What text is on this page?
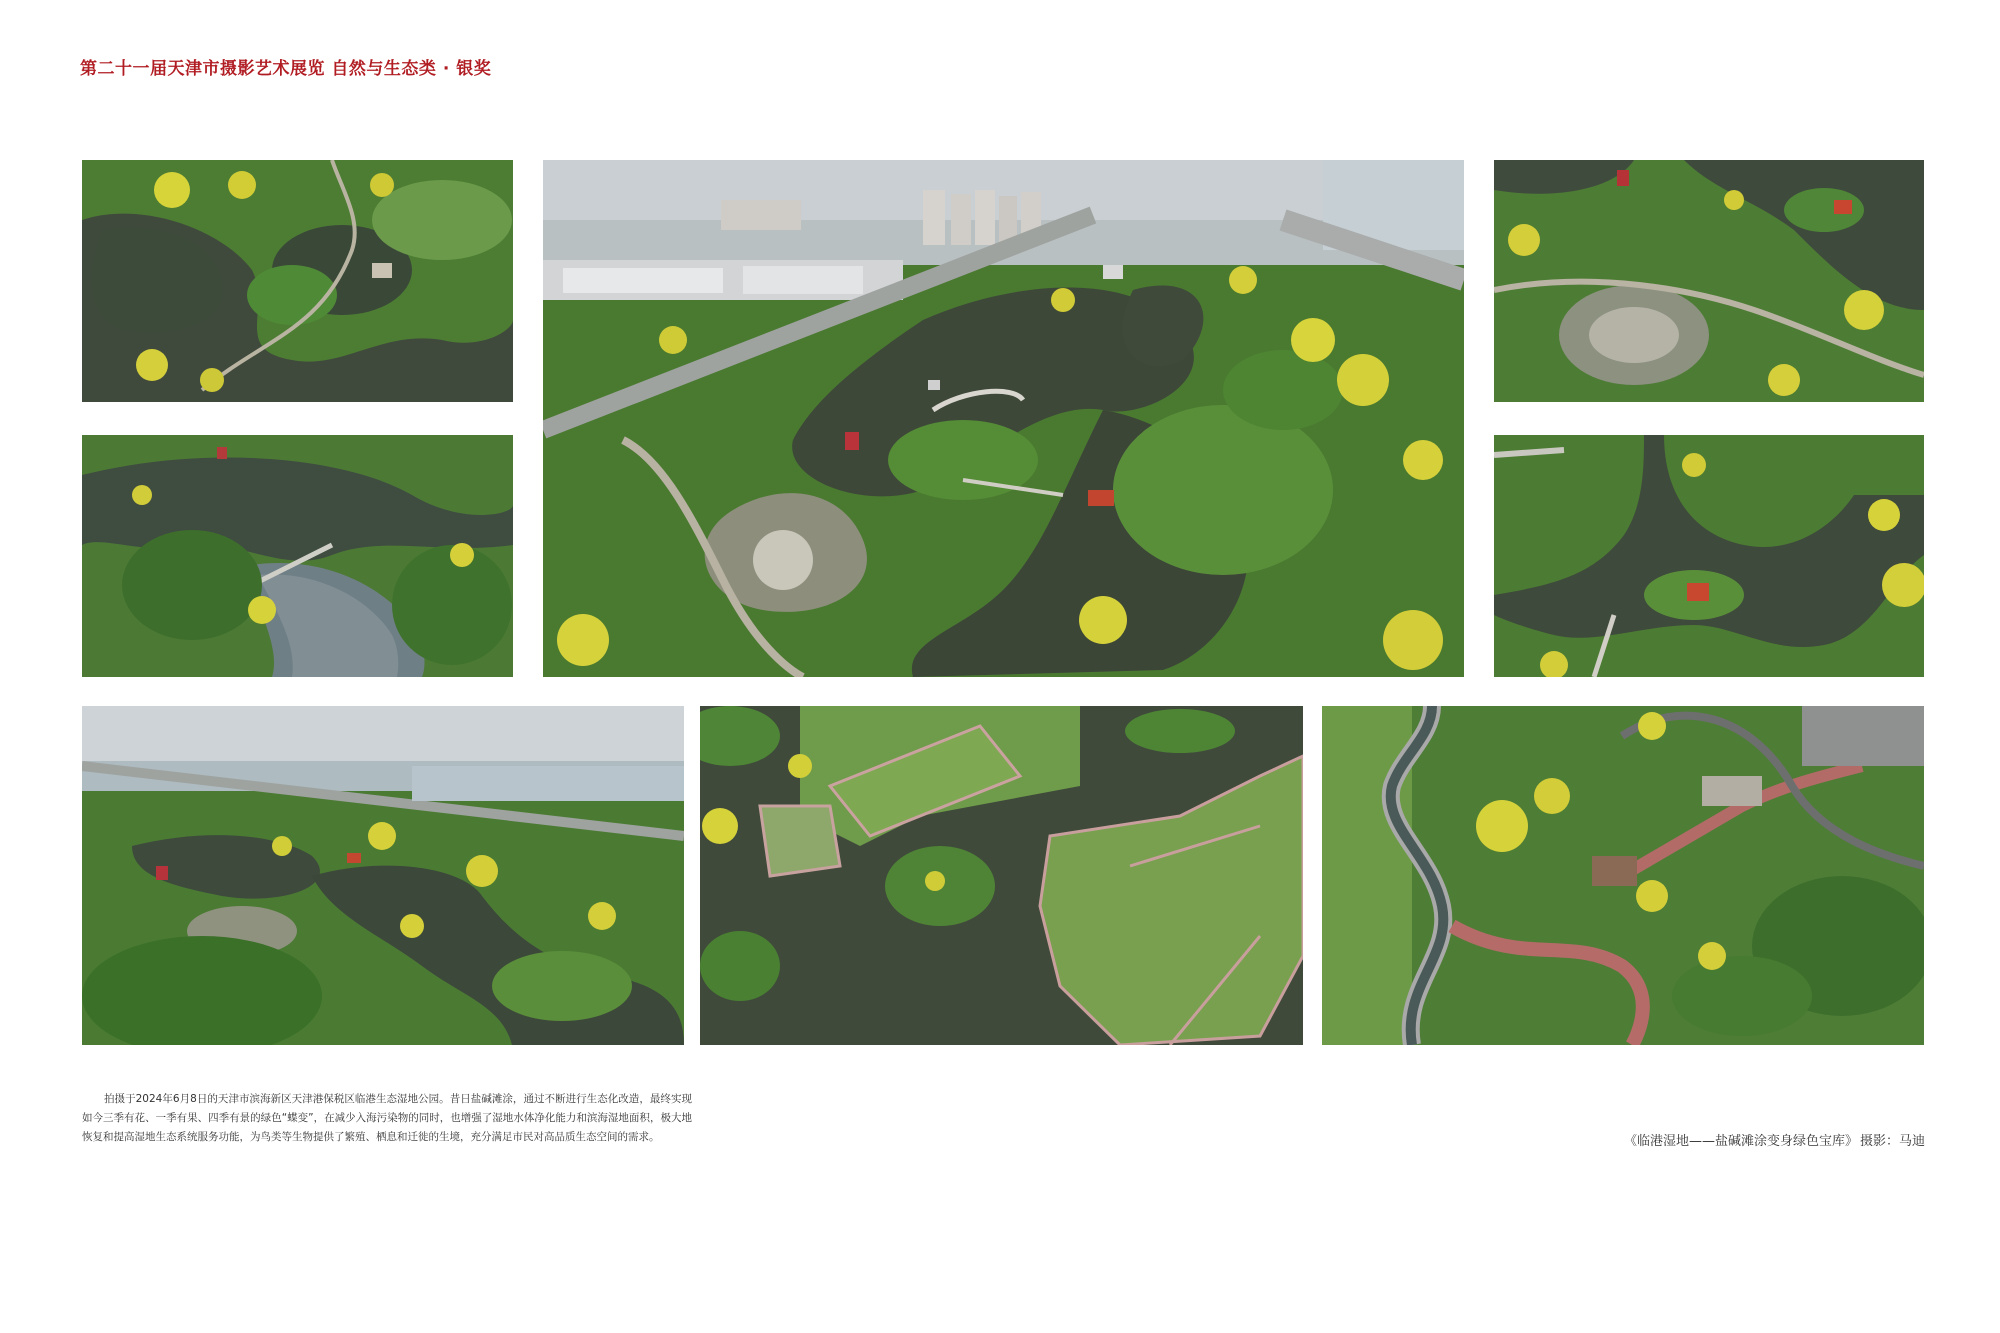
第二十一届天津市摄影艺术展览 自然与生态类 · 银奖
拍摄于2024年6月8日的天津市滨海新区天津港保税区临港生态湿地公园。昔日盐碱滩涂，通过不断进行生态化改造，最终实现如今三季有花、一季有果、四季有景的绿色“蝶变”，在减少入海污染物的同时，也增强了湿地水体净化能力和滨海湿地面积，极大地恢复和提高湿地生态系统服务功能，为鸟类等生物提供了繁殖、栖息和迁徙的生境，充分满足市民对高品质生态空间的需求。	《临港湿地——盐碱滩涂变身绿色宝库》 摄影：马迪
